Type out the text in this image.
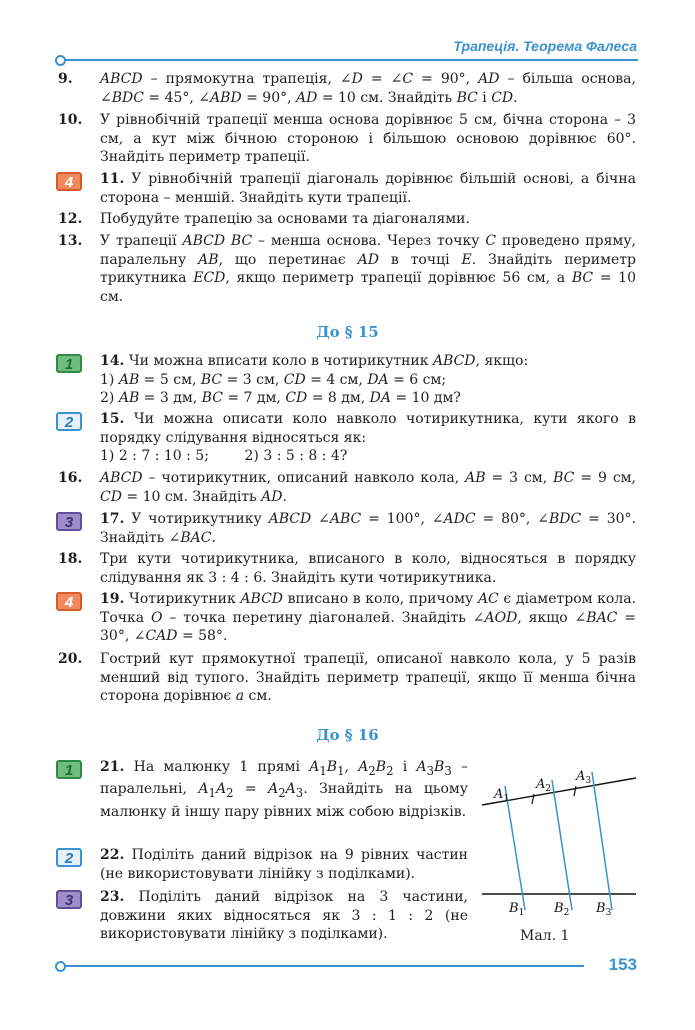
Трапеція. Теорема Фалеса
9. ABCD – прямокутна трапеція, ∠D = ∠C = 90°, AD – більша основа, ∠BDC = 45°, ∠ABD = 90°, AD = 10 см. Знайдіть BC і CD.
10. У рівнобічній трапеції менша основа дорівнює 5 см, бічна сторона – 3 см, а кут між бічною стороною і більшою основою дорівнює 60°. Знайдіть периметр трапеції.
4	11. У рівнобічній трапеції діагональ дорівнює більшій основі, а бічна сторона – меншій. Знайдіть кути трапеції.
12. Побудуйте трапецію за основами та діагоналями.
13. У трапеції ABCD BC – менша основа. Через точку C проведено пряму, паралельну AB, що перетинає AD в точці E. Знайдіть периметр трикутника ECD, якщо периметр трапеції дорівнює 56 см, а BC = 10 см.
До § 15
1	14. Чи можна вписати коло в чотирикутник ABCD, якщо:
1) AB = 5 см, BC = 3 см, CD = 4 см, DA = 6 см;
2) AB = 3 дм, BC = 7 дм, CD = 8 дм, DA = 10 дм?
2	15. Чи можна описати коло навколо чотирикутника, кути якого в порядку слідування відносяться як:
1) 2 : 7 : 10 : 5;        2) 3 : 5 : 8 : 4?
16. ABCD – чотирикутник, описаний навколо кола, AB = 3 см, BC = 9 см, CD = 10 см. Знайдіть AD.
3	17. У чотирикутнику ABCD ∠ABC = 100°, ∠ADC = 80°, ∠BDC = 30°. Знайдіть ∠BAC.
18. Три кути чотирикутника, вписаного в коло, відносяться в порядку слідування як 3 : 4 : 6. Знайдіть кути чотирикутника.
4	19. Чотирикутник ABCD вписано в коло, причому AC є діаметром кола. Точка O – точка перетину діагоналей. Знайдіть ∠AOD, якщо ∠BAC = 30°, ∠CAD = 58°.
20. Гострий кут прямокутної трапеції, описаної навколо кола, у 5 разів менший від тупого. Знайдіть периметр трапеції, якщо її менша бічна сторона дорівнює a см.
До § 16
1	21. На малюнку 1 прямі $A_1B_1$, $A_2B_2$ і $A_3B_3$ – паралельні, $A_1A_2 = A_2A_3$. Знайдіть на цьому малюнку й іншу пару рівних між собою відрізків.
2	22. Поділіть даний відрізок на 9 рівних частин (не використовувати лінійку з поділками).
3	23. Поділіть даний відрізок на 3 частини, довжини яких відносяться як 3 : 1 : 2 (не використовувати лінійку з поділками).
$A_1$
$A_2$
$A_3$
$B_1$ $B_2$ $B_3$
Мал. 1
153
